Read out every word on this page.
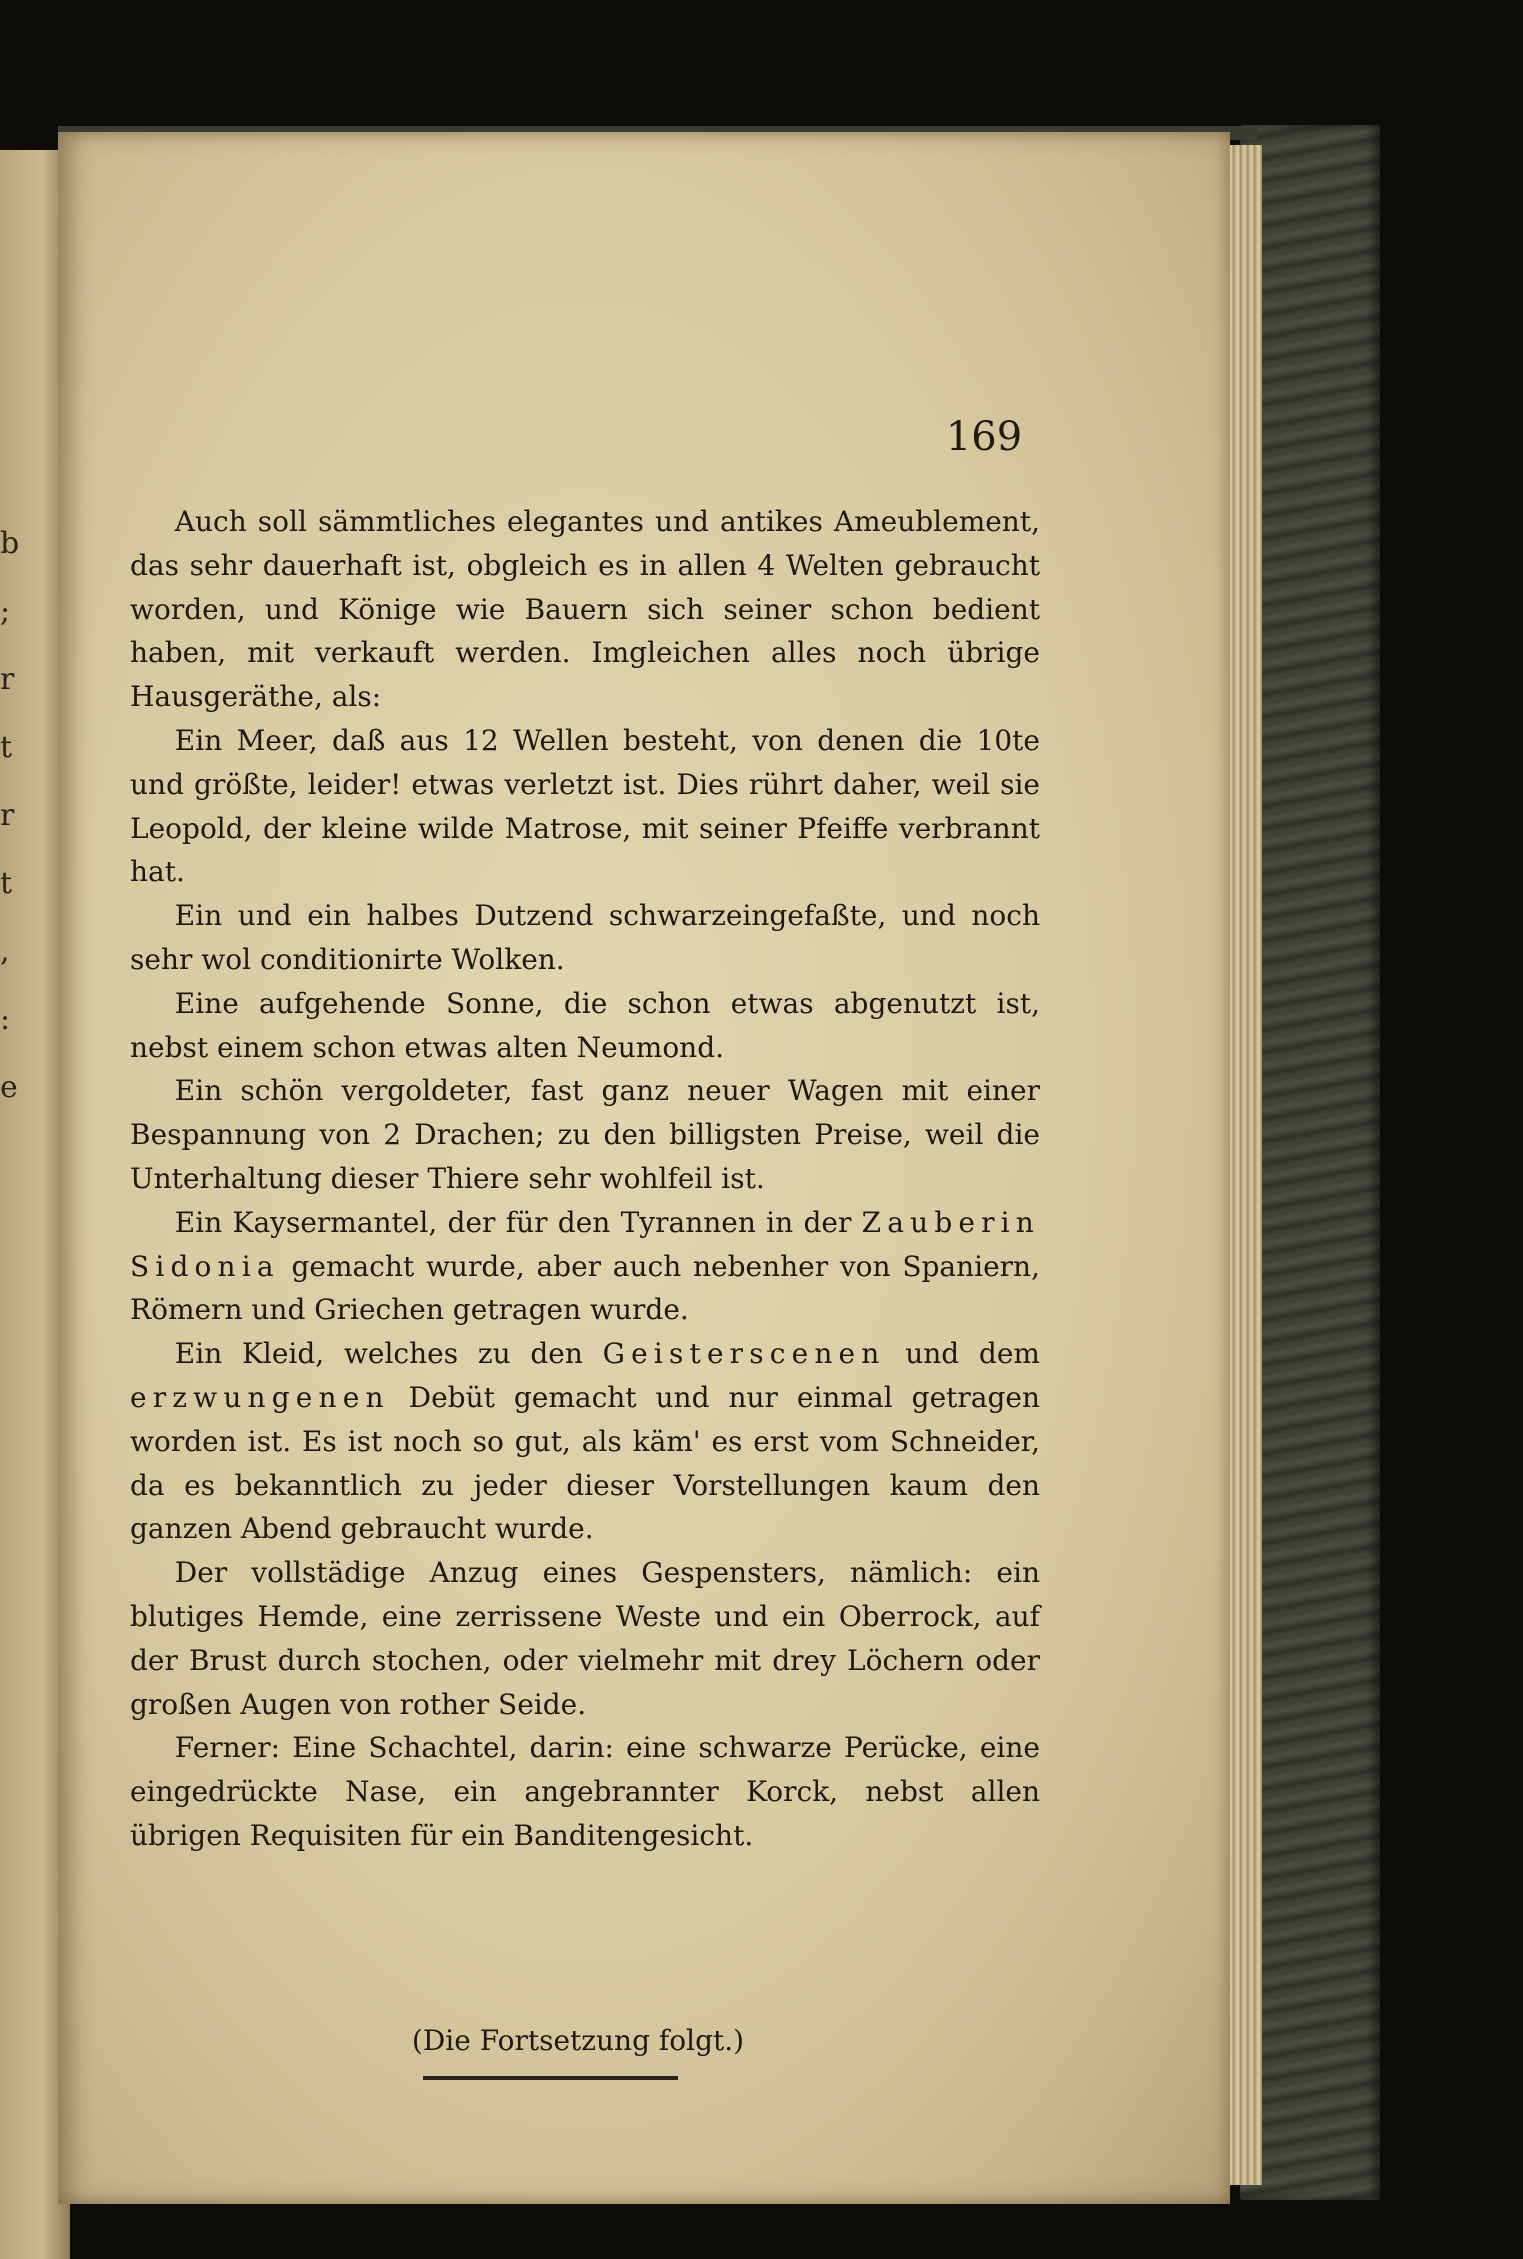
b
;
r
t
r
t
,
:
e
169

Auch soll sämmtliches elegantes und antikes Ameublement, das sehr dauerhaft ist, obgleich es in allen 4 Welten gebraucht worden, und Könige wie Bauern sich seiner schon bedient haben, mit verkauft werden. Imgleichen alles noch übrige Hausgeräthe, als:

Ein Meer, daß aus 12 Wellen besteht, von denen die 10te und größte, leider! etwas verletzt ist. Dies rührt daher, weil sie Leopold, der kleine wilde Matrose, mit seiner Pfeiffe verbrannt hat.

Ein und ein halbes Dutzend schwarzeingefaßte, und noch sehr wol conditionirte Wolken.

Eine aufgehende Sonne, die schon etwas abgenutzt ist, nebst einem schon etwas alten Neumond.

Ein schön vergoldeter, fast ganz neuer Wagen mit einer Bespannung von 2 Drachen; zu den billigsten Preise, weil die Unterhaltung dieser Thiere sehr wohlfeil ist.

Ein Kaysermantel, der für den Tyrannen in der Zauberin Sidonia gemacht wurde, aber auch nebenher von Spaniern, Römern und Griechen getragen wurde.

Ein Kleid, welches zu den Geisterscenen und dem erzwungenen Debüt gemacht und nur einmal getragen worden ist. Es ist noch so gut, als käm' es erst vom Schneider, da es bekanntlich zu jeder dieser Vorstellungen kaum den ganzen Abend gebraucht wurde.

Der vollstädige Anzug eines Gespensters, nämlich: ein blutiges Hemde, eine zerrissene Weste und ein Oberrock, auf der Brust durch stochen, oder vielmehr mit drey Löchern oder großen Augen von rother Seide.

Ferner: Eine Schachtel, darin: eine schwarze Perücke, eine eingedrückte Nase, ein angebrannter Korck, nebst allen übrigen Requisiten für ein Banditengesicht.

(Die Fortsetzung folgt.)
